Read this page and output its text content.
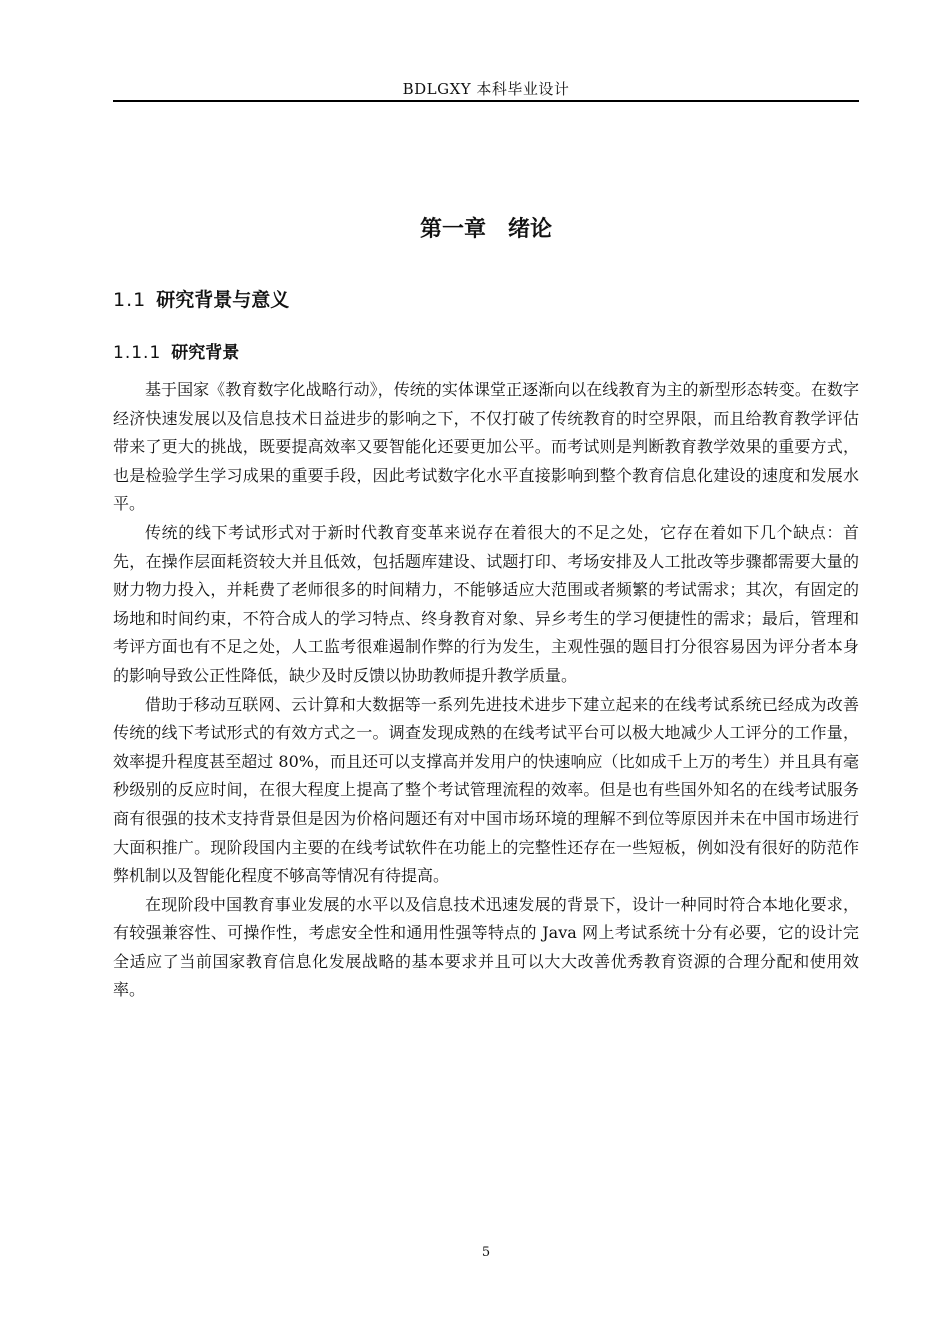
BDLGXY 本科毕业设计
第一章 绪论
1.1 研究背景与意义
1.1.1 研究背景

基于国家《教育数字化战略行动》，传统的实体课堂正逐渐向以在线教育为主的新型形态转变。在数字经济快速发展以及信息技术日益进步的影响之下，不仅打破了传统教育的时空界限，而且给教育教学评估带来了更大的挑战，既要提高效率又要智能化还要更加公平。而考试则是判断教育教学效果的重要方式，也是检验学生学习成果的重要手段，因此考试数字化水平直接影响到整个教育信息化建设的速度和发展水平。

传统的线下考试形式对于新时代教育变革来说存在着很大的不足之处，它存在着如下几个缺点：首先，在操作层面耗资较大并且低效，包括题库建设、试题打印、考场安排及人工批改等步骤都需要大量的财力物力投入，并耗费了老师很多的时间精力，不能够适应大范围或者频繁的考试需求；其次，有固定的场地和时间约束，不符合成人的学习特点、终身教育对象、异乡考生的学习便捷性的需求；最后，管理和考评方面也有不足之处，人工监考很难遏制作弊的行为发生，主观性强的题目打分很容易因为评分者本身的影响导致公正性降低，缺少及时反馈以协助教师提升教学质量。

借助于移动互联网、云计算和大数据等一系列先进技术进步下建立起来的在线考试系统已经成为改善传统的线下考试形式的有效方式之一。调查发现成熟的在线考试平台可以极大地减少人工评分的工作量，效率提升程度甚至超过 80%，而且还可以支撑高并发用户的快速响应（比如成千上万的考生）并且具有毫秒级别的反应时间，在很大程度上提高了整个考试管理流程的效率。但是也有些国外知名的在线考试服务商有很强的技术支持背景但是因为价格问题还有对中国市场环境的理解不到位等原因并未在中国市场进行大面积推广。现阶段国内主要的在线考试软件在功能上的完整性还存在一些短板，例如没有很好的防范作弊机制以及智能化程度不够高等情况有待提高。

在现阶段中国教育事业发展的水平以及信息技术迅速发展的背景下，设计一种同时符合本地化要求，有较强兼容性、可操作性，考虑安全性和通用性强等特点的 Java 网上考试系统十分有必要，它的设计完全适应了当前国家教育信息化发展战略的基本要求并且可以大大改善优秀教育资源的合理分配和使用效率。

5
